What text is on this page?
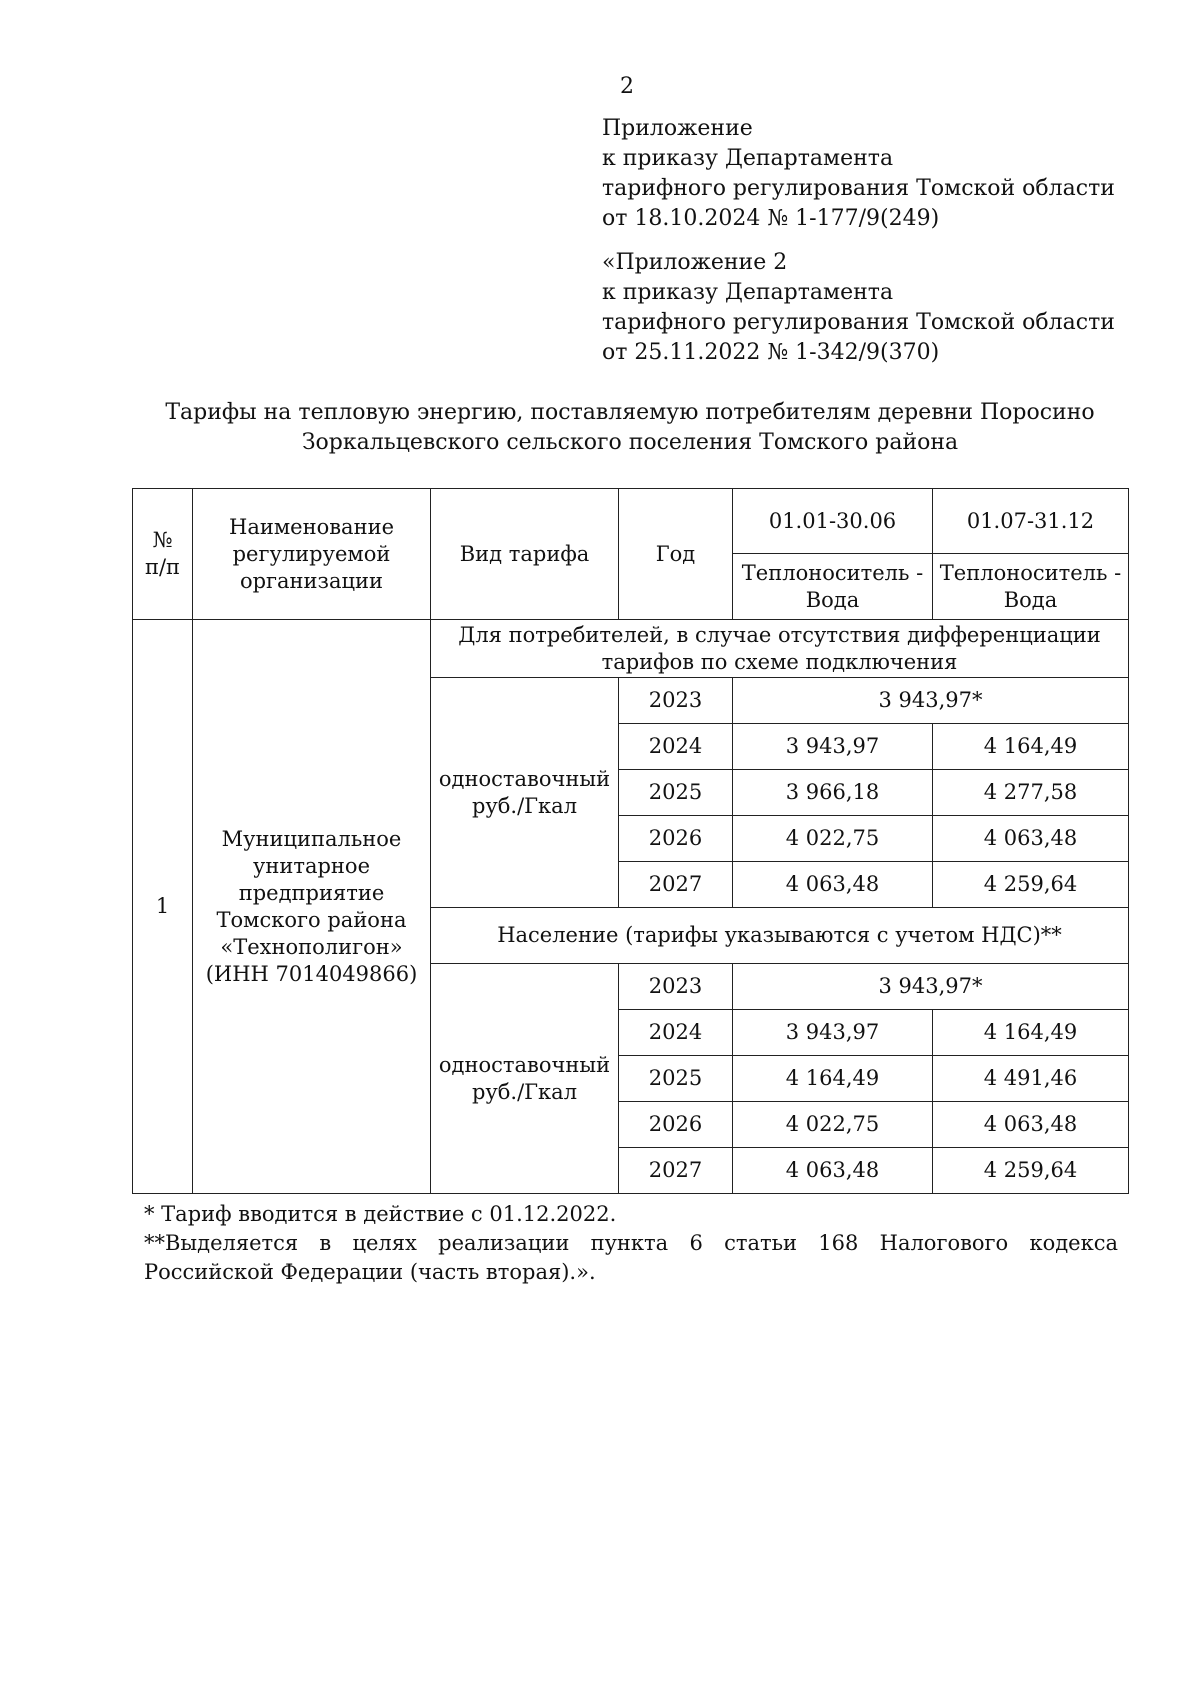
2
Приложение
к приказу Департамента
тарифного регулирования Томской области
от 18.10.2024 № 1-177/9(249)
«Приложение 2
к приказу Департамента
тарифного регулирования Томской области
от 25.11.2022 № 1-342/9(370)
Тарифы на тепловую энергию, поставляемую потребителям деревни Поросино
Зоркальцевского сельского поселения Томского района
№ п/п	Наименование регулируемой организации	Вид тарифа	Год	01.01-30.06	01.07-31.12
				Теплоноситель - Вода	Теплоноситель - Вода
1	Муниципальное унитарное предприятие Томского района «Технополигон» (ИНН 7014049866)	Для потребителей, в случае отсутствия дифференциации тарифов по схеме подключения			
		одноставочный руб./Гкал	2023	3 943,97*	
			2024	3 943,97	4 164,49
			2025	3 966,18	4 277,58
			2026	4 022,75	4 063,48
			2027	4 063,48	4 259,64
		Население (тарифы указываются с учетом НДС)**			
		одноставочный руб./Гкал	2023	3 943,97*	
			2024	3 943,97	4 164,49
			2025	4 164,49	4 491,46
			2026	4 022,75	4 063,48
			2027	4 063,48	4 259,64
* Тариф вводится в действие с 01.12.2022.
**Выделяется в целях реализации пункта 6 статьи 168 Налогового кодекса Российской Федерации (часть вторая).».
